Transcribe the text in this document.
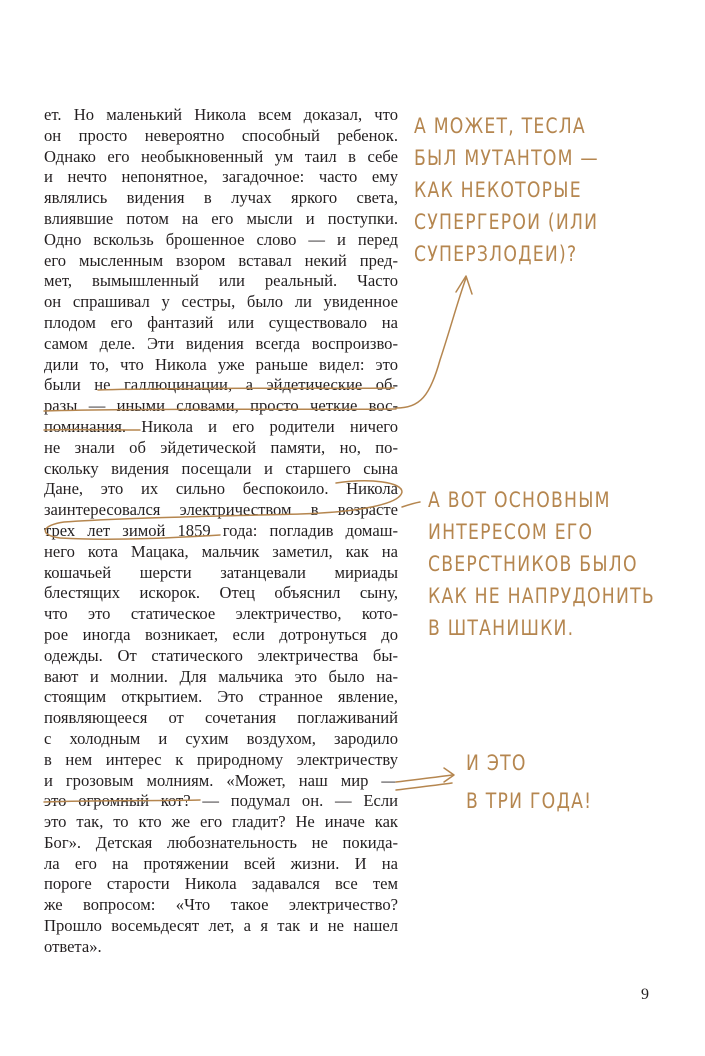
ет. Но маленький Никола всем доказал, что
он просто невероятно способный ребенок.
Однако его необыкновенный ум таил в себе
и нечто непонятное, загадочное: часто ему
являлись видения в лучах яркого света,
влиявшие потом на его мысли и поступки.
Одно вскользь брошенное слово — и перед
его мысленным взором вставал некий пред-
мет, вымышленный или реальный. Часто
он спрашивал у сестры, было ли увиденное
плодом его фантазий или существовало на
самом деле. Эти видения всегда воспроизво-
дили то, что Никола уже раньше видел: это
были не галлюцинации, а эйдетические об-
разы — иными словами, просто четкие вос-
поминания. Никола и его родители ничего
не знали об эйдетической памяти, но, по-
скольку видения посещали и старшего сына
Дане, это их сильно беспокоило. Никола
заинтересовался электричеством в возрасте
трех лет зимой 1859 года: погладив домаш-
него кота Мацака, мальчик заметил, как на
кошачьей шерсти затанцевали мириады
блестящих искорок. Отец объяснил сыну,
что это статическое электричество, кото-
рое иногда возникает, если дотронуться до
одежды. От статического электричества бы-
вают и молнии. Для мальчика это было на-
стоящим открытием. Это странное явление,
появляющееся от сочетания поглаживаний
с холодным и сухим воздухом, зародило
в нем интерес к природному электричеству
и грозовым молниям. «Может, наш мир —
это огромный кот? — подумал он. — Если
это так, то кто же его гладит? Не иначе как
Бог». Детская любознательность не покида-
ла его на протяжении всей жизни. И на
пороге старости Никола задавался все тем
же вопросом: «Что такое электричество?
Прошло восемьдесят лет, а я так и не нашел
ответа».
А МОЖЕТ, ТЕСЛА
БЫЛ МУТАНТОМ —
КАК НЕКОТОРЫЕ
СУПЕРГЕРОИ (ИЛИ
СУПЕРЗЛОДЕИ)?
А ВОТ ОСНОВНЫМ
ИНТЕРЕСОМ ЕГО
СВЕРСТНИКОВ БЫЛО
КАК НЕ НАПРУДОНИТЬ
В ШТАНИШКИ.
И ЭТО
В ТРИ ГОДА!
9
